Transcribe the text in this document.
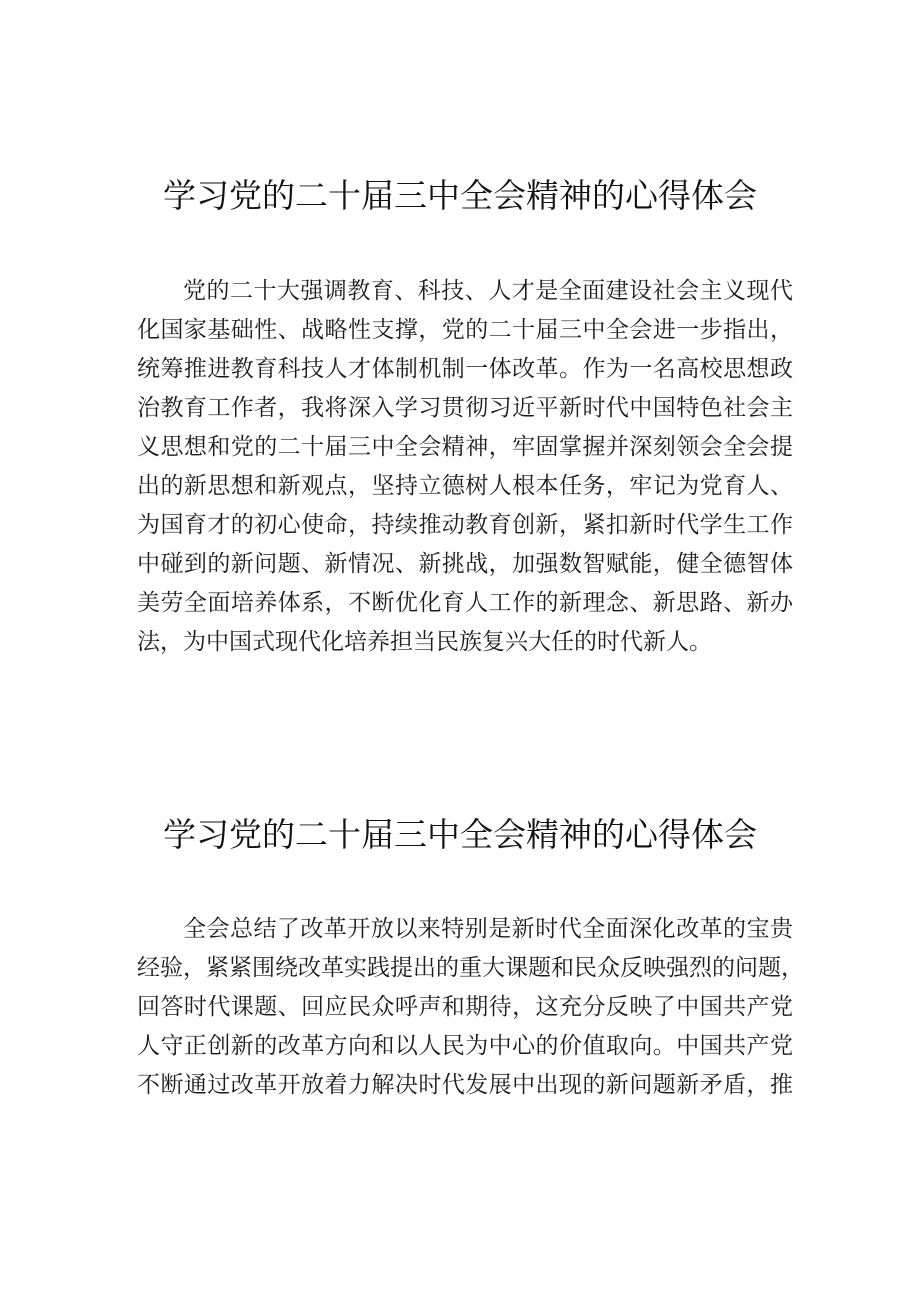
学习党的二十届三中全会精神的心得体会
党的二十大强调教育、科技、人才是全面建设社会主义现代
化国家基础性、战略性支撑，党的二十届三中全会进一步指出，
统筹推进教育科技人才体制机制一体改革。作为一名高校思想政
治教育工作者，我将深入学习贯彻习近平新时代中国特色社会主
义思想和党的二十届三中全会精神，牢固掌握并深刻领会全会提
出的新思想和新观点，坚持立德树人根本任务，牢记为党育人、
为国育才的初心使命，持续推动教育创新，紧扣新时代学生工作
中碰到的新问题、新情况、新挑战，加强数智赋能，健全德智体
美劳全面培养体系，不断优化育人工作的新理念、新思路、新办
法，为中国式现代化培养担当民族复兴大任的时代新人。
学习党的二十届三中全会精神的心得体会
全会总结了改革开放以来特别是新时代全面深化改革的宝贵
经验，紧紧围绕改革实践提出的重大课题和民众反映强烈的问题，
回答时代课题、回应民众呼声和期待，这充分反映了中国共产党
人守正创新的改革方向和以人民为中心的价值取向。中国共产党
不断通过改革开放着力解决时代发展中出现的新问题新矛盾，推
